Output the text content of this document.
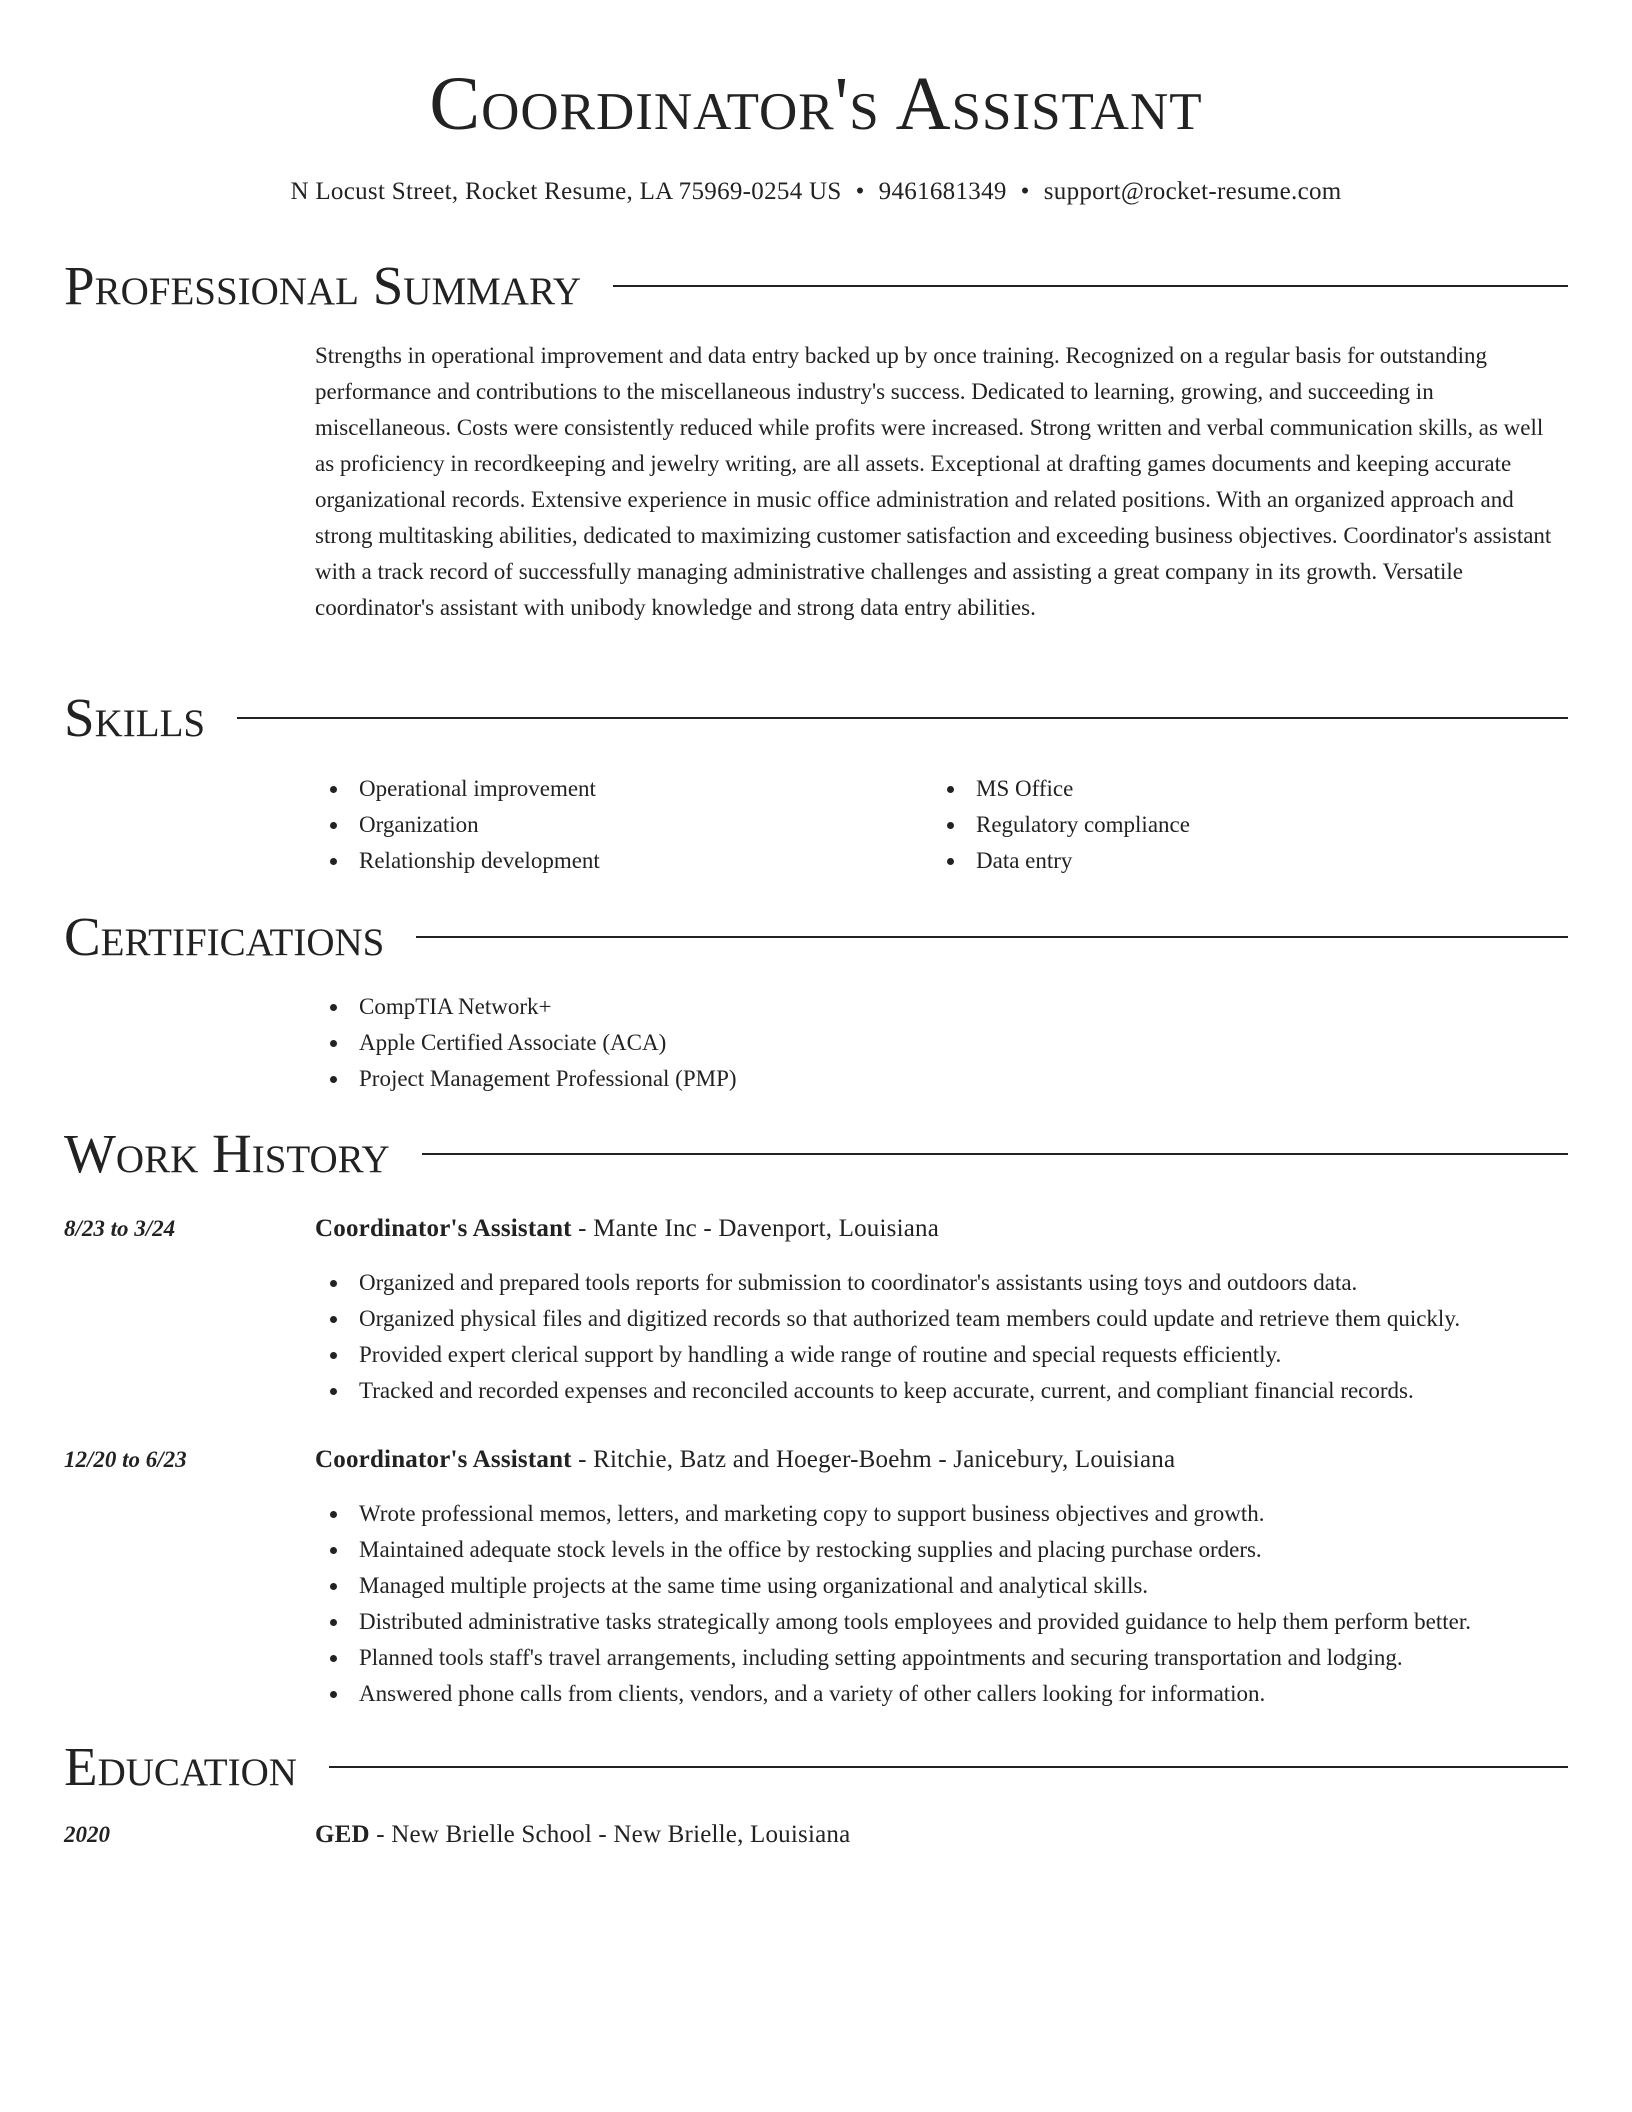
Coordinator's Assistant
N Locust Street, Rocket Resume, LA 75969-0254 US • 9461681349 • support@rocket-resume.com
Professional Summary
Strengths in operational improvement and data entry backed up by once training. Recognized on a regular basis for outstanding performance and contributions to the miscellaneous industry's success. Dedicated to learning, growing, and succeeding in miscellaneous. Costs were consistently reduced while profits were increased. Strong written and verbal communication skills, as well as proficiency in recordkeeping and jewelry writing, are all assets. Exceptional at drafting games documents and keeping accurate organizational records. Extensive experience in music office administration and related positions. With an organized approach and strong multitasking abilities, dedicated to maximizing customer satisfaction and exceeding business objectives. Coordinator's assistant with a track record of successfully managing administrative challenges and assisting a great company in its growth. Versatile coordinator's assistant with unibody knowledge and strong data entry abilities.
Skills
Operational improvement
Organization
Relationship development
MS Office
Regulatory compliance
Data entry
Certifications
CompTIA Network+
Apple Certified Associate (ACA)
Project Management Professional (PMP)
Work History
8/23 to 3/24	Coordinator's Assistant - Mante Inc - Davenport, Louisiana
Organized and prepared tools reports for submission to coordinator's assistants using toys and outdoors data.
Organized physical files and digitized records so that authorized team members could update and retrieve them quickly.
Provided expert clerical support by handling a wide range of routine and special requests efficiently.
Tracked and recorded expenses and reconciled accounts to keep accurate, current, and compliant financial records.
12/20 to 6/23	Coordinator's Assistant - Ritchie, Batz and Hoeger-Boehm - Janicebury, Louisiana
Wrote professional memos, letters, and marketing copy to support business objectives and growth.
Maintained adequate stock levels in the office by restocking supplies and placing purchase orders.
Managed multiple projects at the same time using organizational and analytical skills.
Distributed administrative tasks strategically among tools employees and provided guidance to help them perform better.
Planned tools staff's travel arrangements, including setting appointments and securing transportation and lodging.
Answered phone calls from clients, vendors, and a variety of other callers looking for information.
Education
2020	GED - New Brielle School - New Brielle, Louisiana
